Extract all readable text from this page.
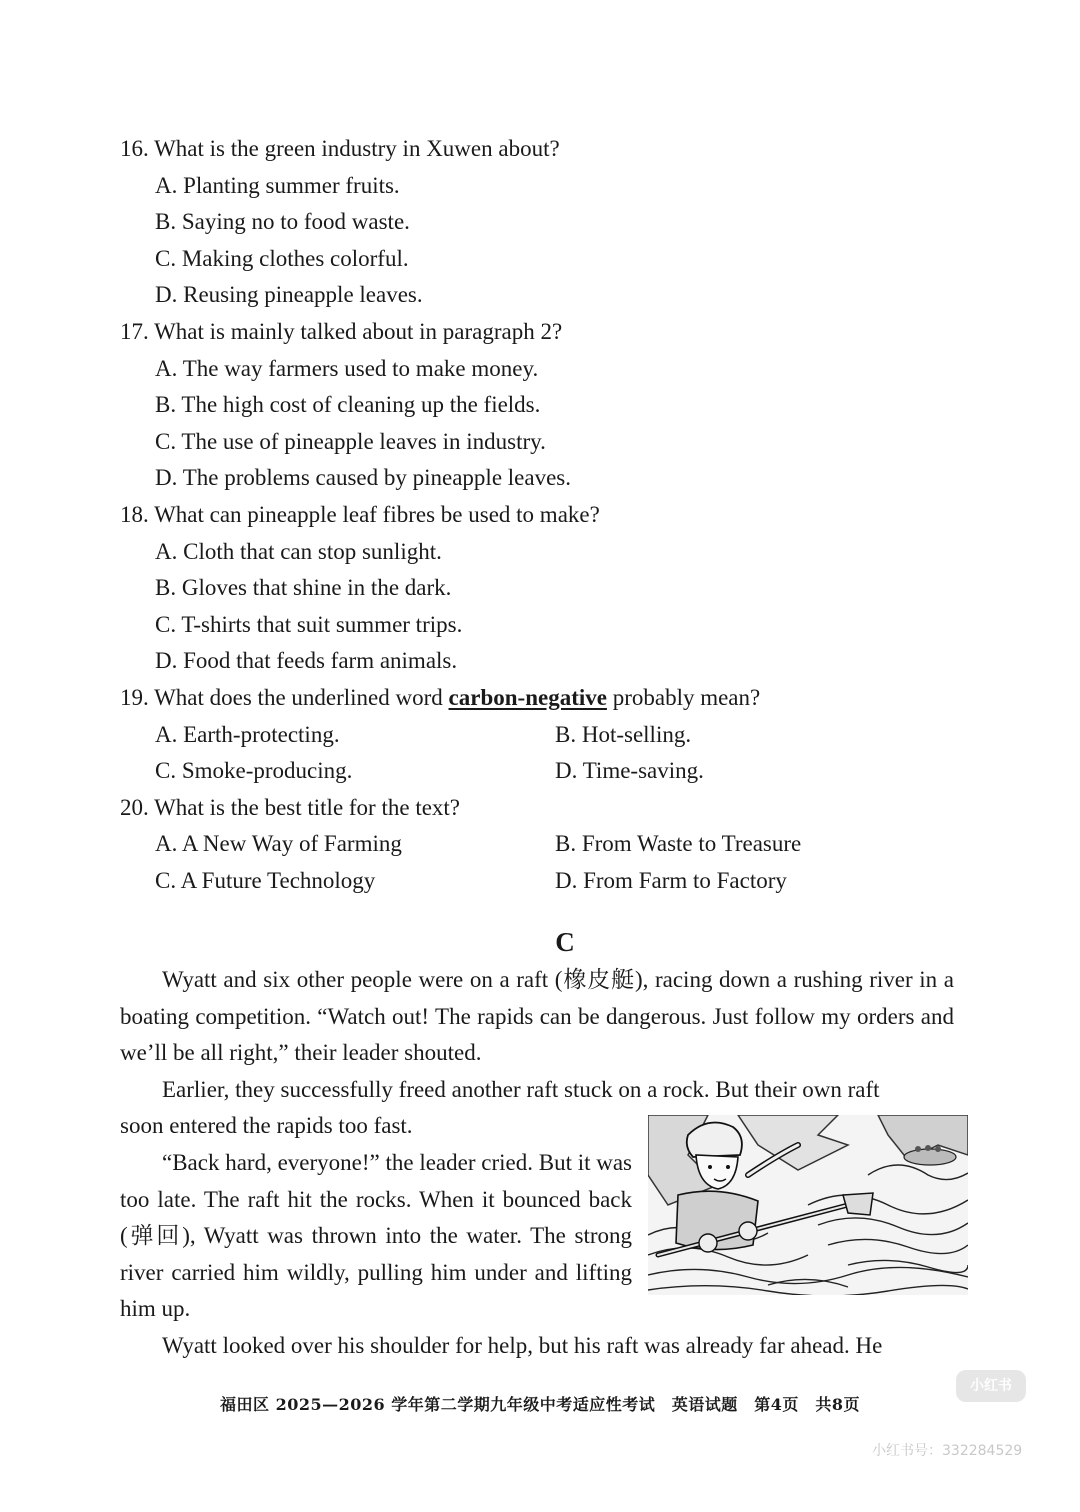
16. What is the green industry in Xuwen about?
A. Planting summer fruits.
B. Saying no to food waste.
C. Making clothes colorful.
D. Reusing pineapple leaves.
17. What is mainly talked about in paragraph 2?
A. The way farmers used to make money.
B. The high cost of cleaning up the fields.
C. The use of pineapple leaves in industry.
D. The problems caused by pineapple leaves.
18. What can pineapple leaf fibres be used to make?
A. Cloth that can stop sunlight.
B. Gloves that shine in the dark.
C. T-shirts that suit summer trips.
D. Food that feeds farm animals.
19. What does the underlined word carbon-negative probably mean?
A. Earth-protecting.	B. Hot-selling.
C. Smoke-producing.	D. Time-saving.
20. What is the best title for the text?
A. A New Way of Farming	B. From Waste to Treasure
C. A Future Technology	D. From Farm to Factory
C

Wyatt and six other people were on a raft (橡皮艇), racing down a rushing river in a boating competition. “Watch out! The rapids can be dangerous. Just follow my orders and we’ll be all right,” their leader shouted.

Earlier, they successfully freed another raft stuck on a rock. But their own raft

soon entered the rapids too fast.

“Back hard, everyone!” the leader cried. But it was too late. The raft hit the rocks. When it bounced back (弹回), Wyatt was thrown into the water. The strong river carried him wildly, pulling him under and lifting him up.

Wyatt looked over his shoulder for help, but his raft was already far ahead. He

福田区 2025—2026 学年第二学期九年级中考适应性考试　英语试题　第4页　共8页
小红书
小红书号：332284529
